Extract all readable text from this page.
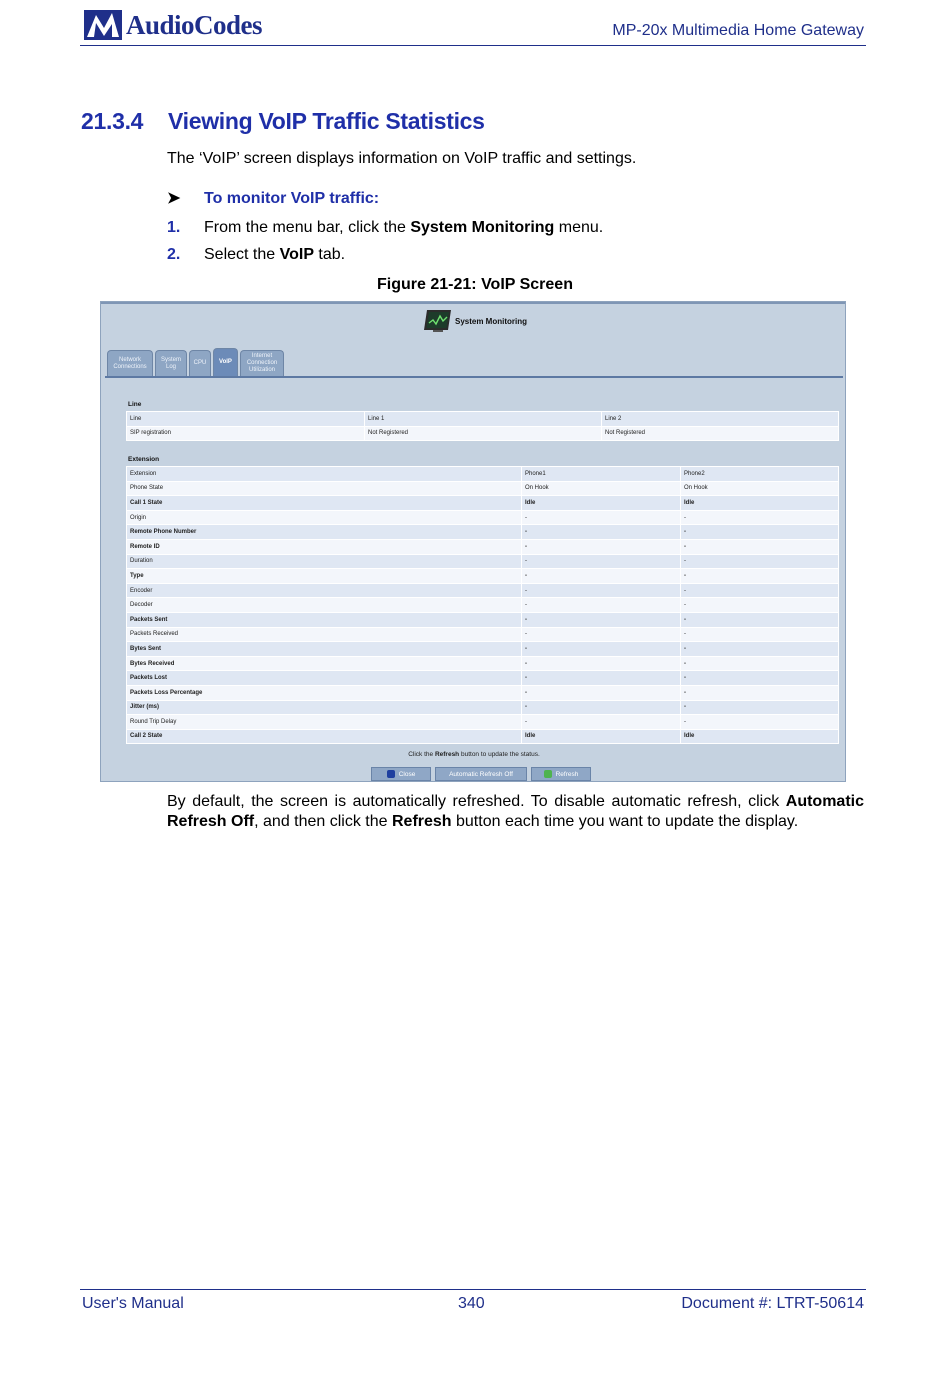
AudioCodes	MP-20x Multimedia Home Gateway
21.3.4 Viewing VoIP Traffic Statistics
The ‘VoIP’ screen displays information on VoIP traffic and settings.
➤ To monitor VoIP traffic:
1. From the menu bar, click the System Monitoring menu.
2. Select the VoIP tab.
Figure 21-21: VoIP Screen
System Monitoring
Network
Connections
System
Log
CPU VoIP
Internet
Connection
Utilization
Line
Line	Line 1	Line 2
SIP registration	Not Registered	Not Registered
Extension
Extension	Phone1	Phone2
Phone State	On Hook	On Hook
Call 1 State	Idle	Idle
Origin	-	-
Remote Phone Number	-	-
Remote ID	-	-
Duration	-	-
Type	-	-
Encoder	-	-
Decoder	-	-
Packets Sent	-	-
Packets Received	-	-
Bytes Sent	-	-
Bytes Received	-	-
Packets Lost	-	-
Packets Loss Percentage	-	-
Jitter (ms)	-	-
Round Trip Delay	-	-
Call 2 State	Idle	Idle
Click the Refresh button to update the status.
Close	Automatic Refresh Off	Refresh
By default, the screen is automatically refreshed. To disable automatic refresh, click Automatic Refresh Off, and then click the Refresh button each time you want to update the display.
User's Manual	340	Document #: LTRT-50614
